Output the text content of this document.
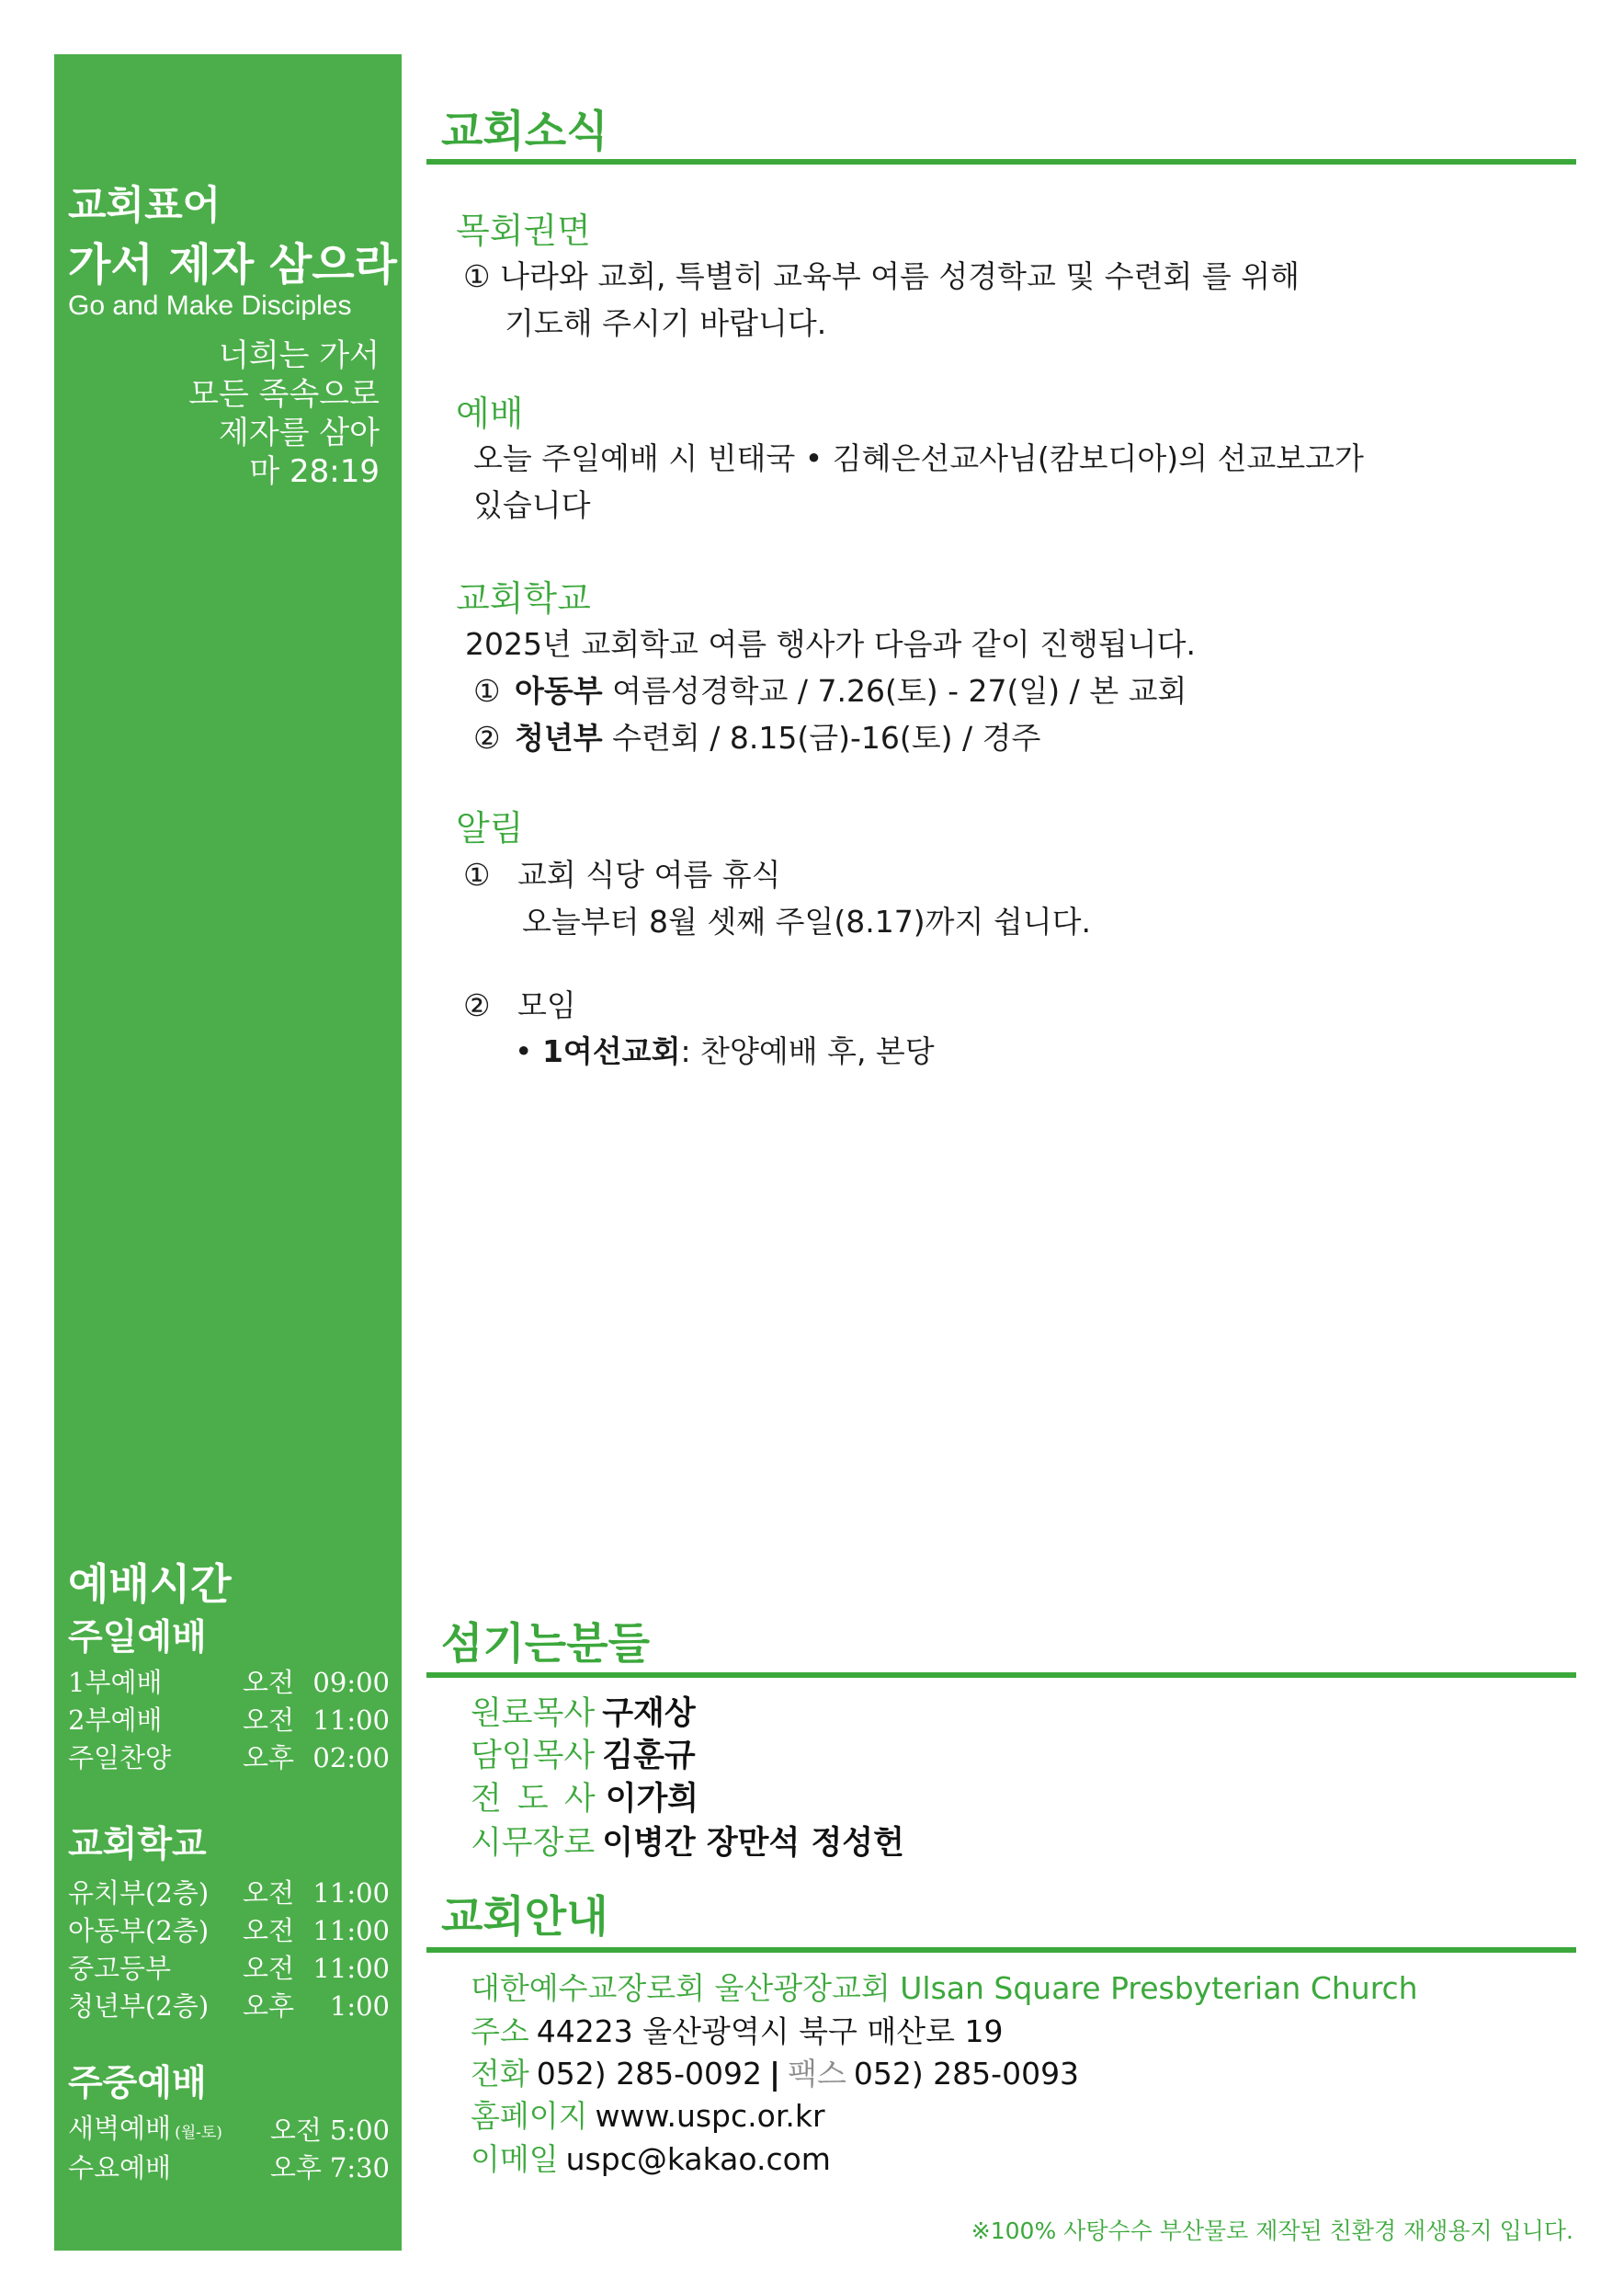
교회표어
가서 제자 삼으라
Go and Make Disciples
너희는 가서
모든 족속으로
제자를 삼아
마 28:19
예배시간
주일예배
1부예배	오전 09:00
2부예배	오전 11:00
주일찬양	오후 02:00
교회학교
유치부(2층)	오전 11:00
아동부(2층)	오전 11:00
중고등부	오전 11:00
청년부(2층)	오후 1:00
주중예배
새벽예배 (월-토)	오전 5:00
수요예배	오후 7:30
교회소식
목회권면
① 나라와 교회, 특별히 교육부 여름 성경학교 및 수련회 를 위해
기도해 주시기 바랍니다.
예배
오늘 주일예배 시 빈태국 • 김혜은선교사님(캄보디아)의 선교보고가
있습니다
교회학교
2025년 교회학교 여름 행사가 다음과 같이 진행됩니다.
① 아동부 여름성경학교 / 7.26(토) - 27(일) / 본 교회
② 청년부 수련회 / 8.15(금)-16(토) / 경주
알림
① 교회 식당 여름 휴식
오늘부터 8월 셋째 주일(8.17)까지 쉽니다.
② 모임
• 1여선교회: 찬양예배 후, 본당
섬기는분들
원로목사 구재상
담임목사 김훈규
전 도 사 이가희
시무장로 이병간 장만석 정성헌
교회안내
대한예수교장로회 울산광장교회 Ulsan Square Presbyterian Church
주소 44223 울산광역시 북구 매산로 19
전화 052) 285-0092 | 팩스 052) 285-0093
홈페이지 www.uspc.or.kr
이메일 uspc@kakao.com
※100% 사탕수수 부산물로 제작된 친환경 재생용지 입니다.
